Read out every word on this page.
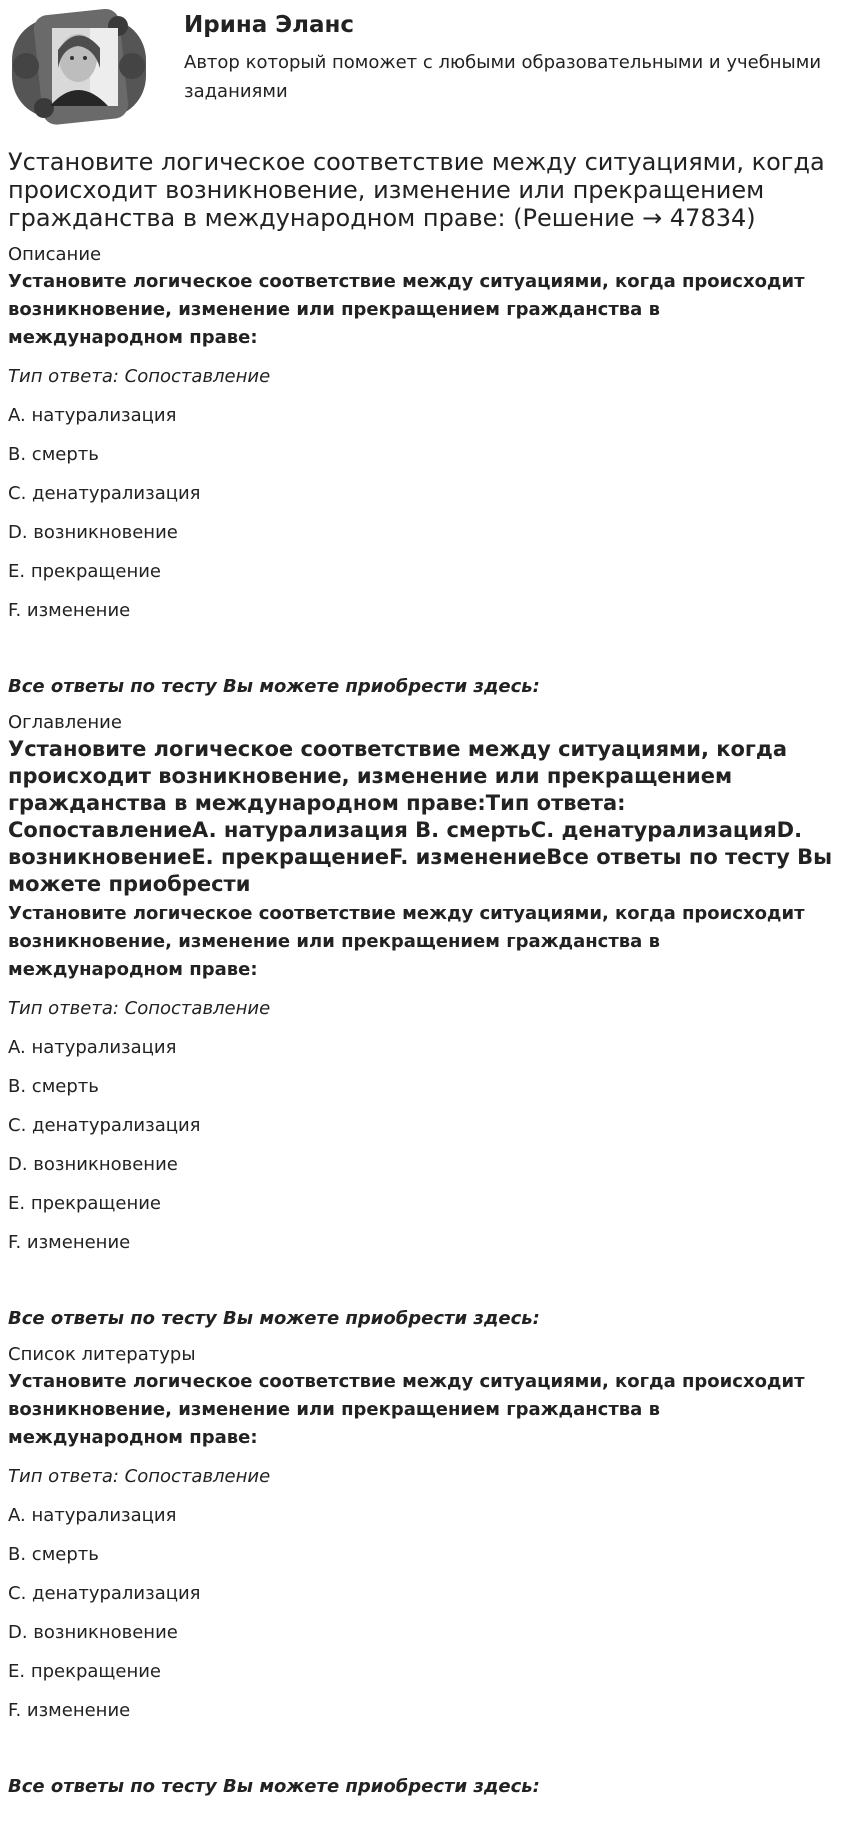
Ирина Эланс
Автор который поможет с любыми образовательными и учебными заданиями
Установите логическое соответствие между ситуациями, когда происходит возникновение, изменение или прекращением гражданства в международном праве: (Решение → 47834)
Описание
Установите логическое соответствие между ситуациями, когда происходит возникновение, изменение или прекращением гражданства в международном праве:
Тип ответа: Сопоставление
A. натурализация
B. смерть
C. денатурализация
D. возникновение
E. прекращение
F. изменение
Все ответы по тесту Вы можете приобрести здесь:
Оглавление
Установите логическое соответствие между ситуациями, когда происходит возникновение, изменение или прекращением гражданства в международном праве:Тип ответа: СопоставлениеA. натурализация B. смертьC. денатурализацияD. возникновениеE. прекращениеF. изменениеВсе ответы по тесту Вы можете приобрести
Установите логическое соответствие между ситуациями, когда происходит возникновение, изменение или прекращением гражданства в международном праве:
Тип ответа: Сопоставление
A. натурализация
B. смерть
C. денатурализация
D. возникновение
E. прекращение
F. изменение
Все ответы по тесту Вы можете приобрести здесь:
Список литературы
Установите логическое соответствие между ситуациями, когда происходит возникновение, изменение или прекращением гражданства в международном праве:
Тип ответа: Сопоставление
A. натурализация
B. смерть
C. денатурализация
D. возникновение
E. прекращение
F. изменение
Все ответы по тесту Вы можете приобрести здесь:
